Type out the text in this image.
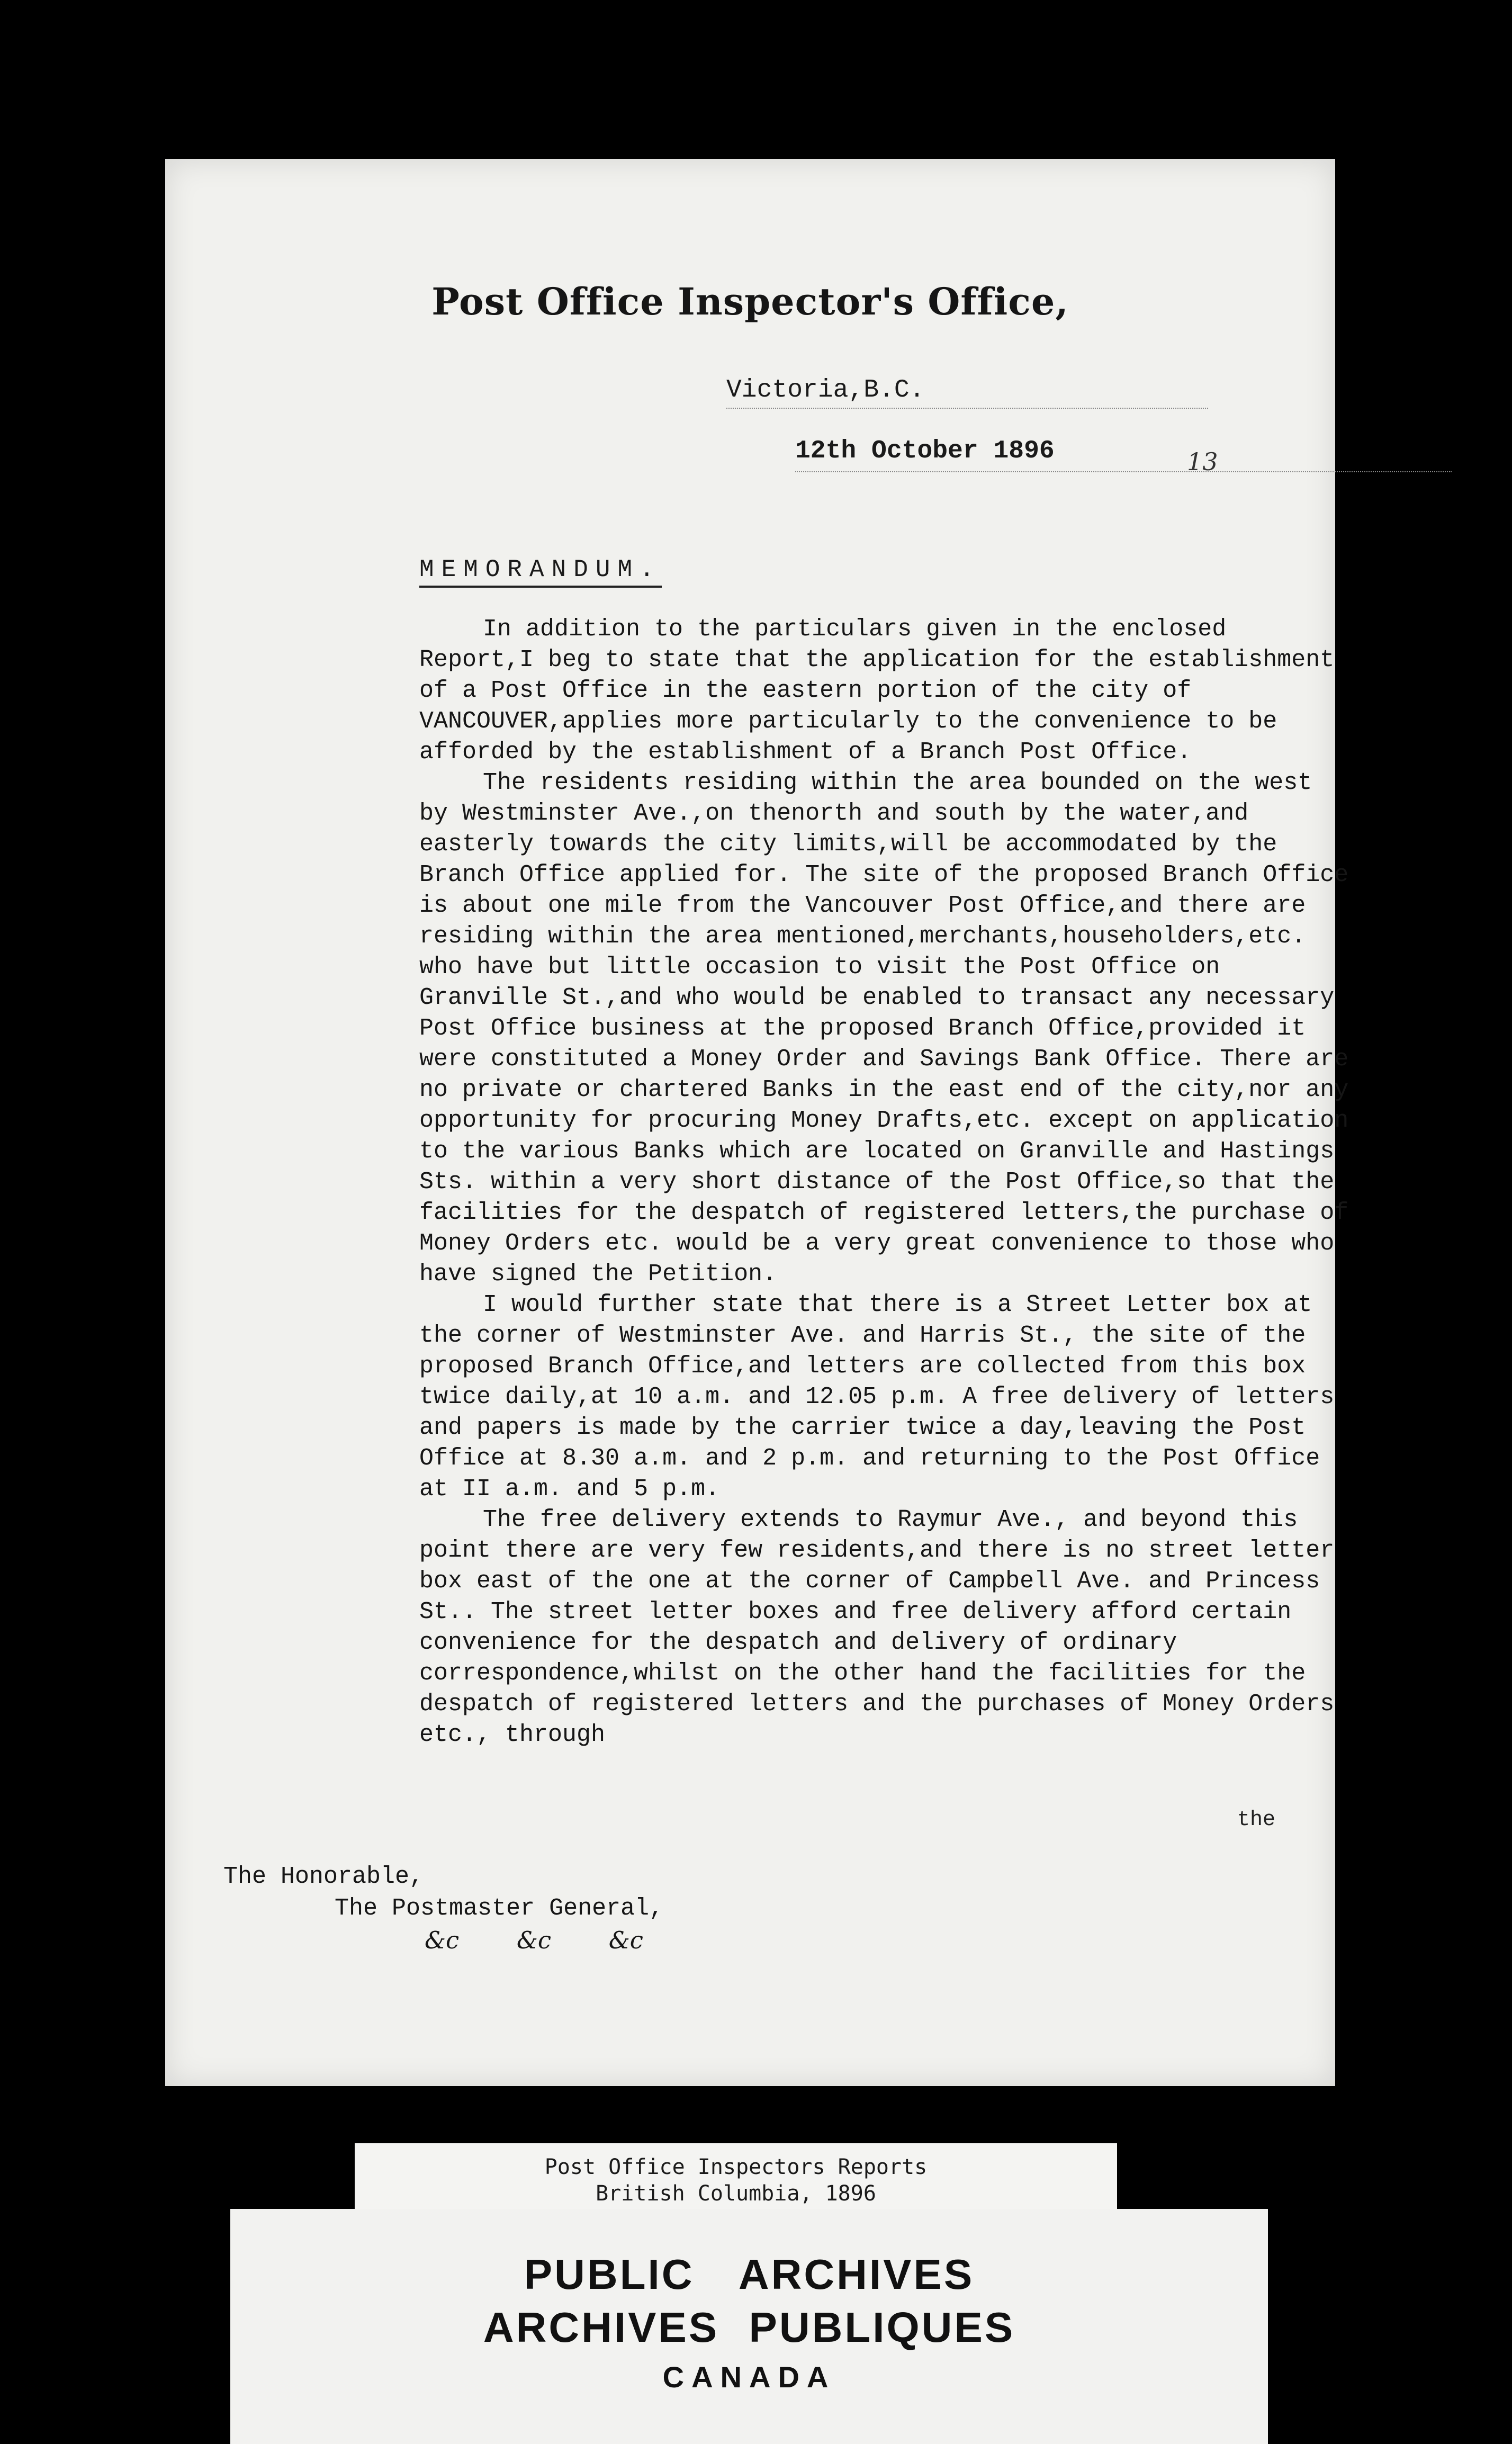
Post Office Inspector's Office,
Victoria,B.C.
12th October 1896	13
MEMORANDUM.

In addition to the particulars given in the enclosed Report,I beg to state that the application for the establishment of a Post Office in the eastern portion of the city of VANCOUVER,applies more particularly to the convenience to be afforded by the establishment of a Branch Post Office.

The residents residing within the area bounded on the west by Westminster Ave.,on thenorth and south by the water,and easterly towards the city limits,will be accommodated by the Branch Office applied for. The site of the proposed Branch Office is about one mile from the Vancouver Post Office,and there are residing within the area mentioned,merchants,householders,etc. who have but little occasion to visit the Post Office on Granville St.,and who would be enabled to transact any necessary Post Office business at the proposed Branch Office,provided it were constituted a Money Order and Savings Bank Office. There are no private or chartered Banks in the east end of the city,nor any opportunity for procuring Money Drafts,etc. except on application to the various Banks which are located on Granville and Hastings Sts. within a very short distance of the Post Office,so that the facilities for the despatch of registered letters,the purchase of Money Orders etc. would be a very great convenience to those who have signed the Petition.

I would further state that there is a Street Letter box at the corner of Westminster Ave. and Harris St., the site of the proposed Branch Office,and letters are collected from this box twice daily,at 10 a.m. and 12.05 p.m. A free delivery of letters and papers is made by the carrier twice a day,leaving the Post Office at 8.30 a.m. and 2 p.m. and returning to the Post Office at II a.m. and 5 p.m.

The free delivery extends to Raymur Ave., and beyond this point there are very few residents,and there is no street letter box east of the one at the corner of Campbell Ave. and Princess St.. The street letter boxes and free delivery afford certain convenience for the despatch and delivery of ordinary correspondence,whilst on the other hand the facilities for the despatch of registered letters and the purchases of Money Orders etc., through

the
The Honorable,
The Postmaster General,
&c  &c  &c
Post Office Inspectors Reports
British Columbia, 1896
PUBLIC ARCHIVES
ARCHIVES PUBLIQUES
CANADA
